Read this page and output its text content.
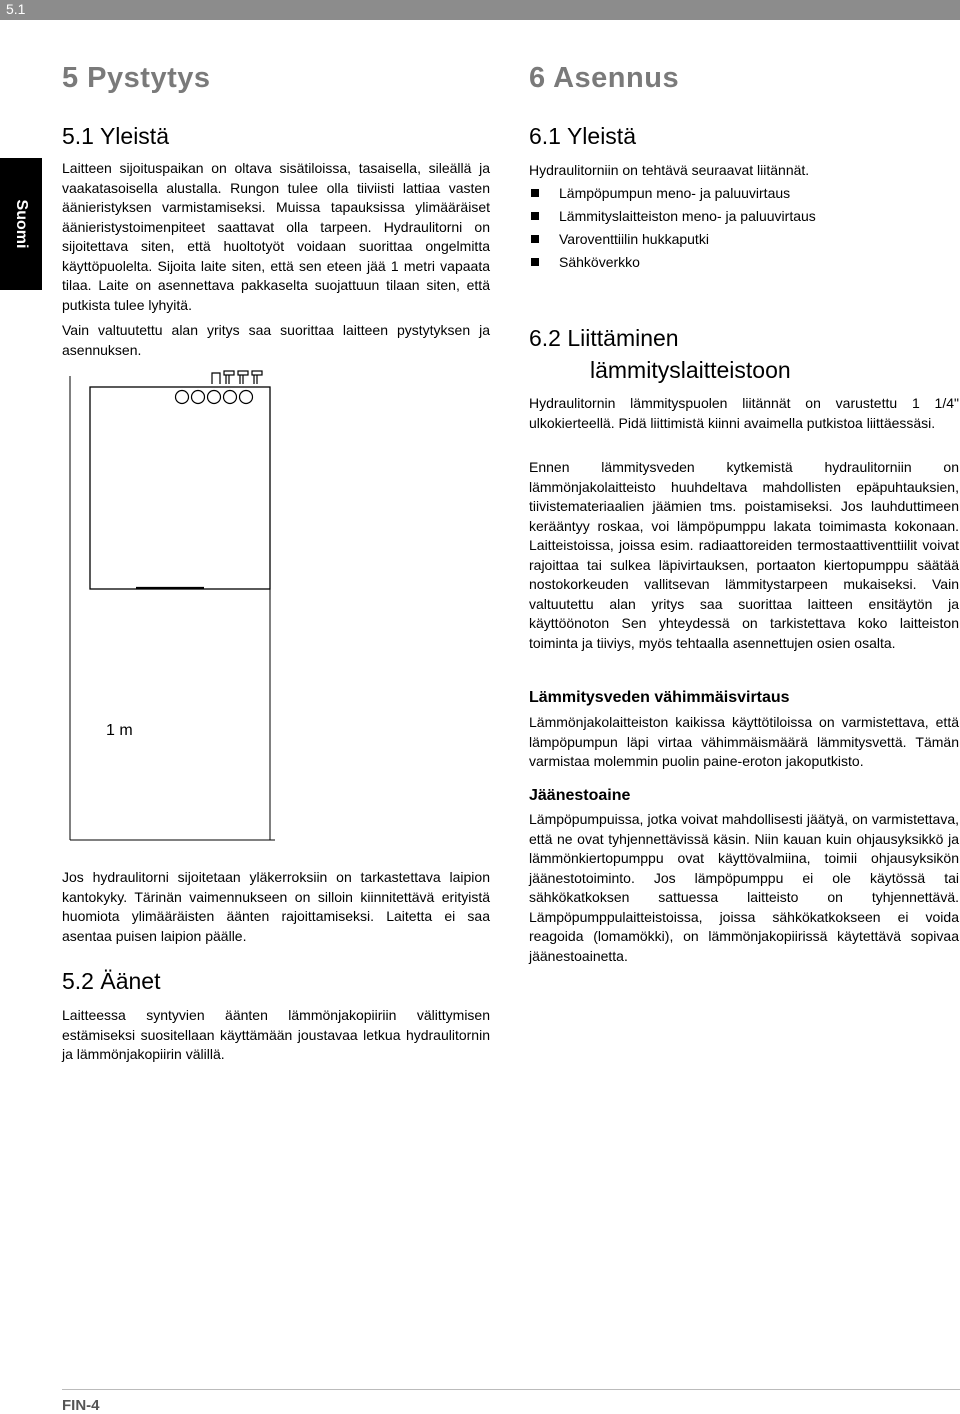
5.1
Suomi
5 Pystytys
5.1 Yleistä

Laitteen sijoituspaikan on oltava sisätiloissa, tasaisella, sileällä ja vaakatasoisella alustalla. Rungon tulee olla tiiviisti lattiaa vasten äänieristyksen varmistamiseksi. Muissa tapauksissa ylimääräiset äänieristystoimenpiteet saattavat olla tarpeen. Hydraulitorni on sijoitettava siten, että huoltotyöt voidaan suorittaa ongelmitta käyttöpuolelta. Sijoita laite siten, että sen eteen jää 1 metri vapaata tilaa. Laite on asennettava pakkaselta suojattuun tilaan siten, että putkista tulee lyhyitä.

Vain valtuutettu alan yritys saa suorittaa laitteen pystytyksen ja asennuksen.

1 m

Jos hydraulitorni sijoitetaan yläkerroksiin on tarkastettava laipion kantokyky. Tärinän vaimennukseen on silloin kiinnitettävä erityistä huomiota ylimääräisten äänten rajoittamiseksi. Laitetta ei saa asentaa puisen laipion päälle.

5.2 Äänet

Laitteessa syntyvien äänten lämmönjakopiiriin välittymisen estämiseksi suositellaan käyttämään joustavaa letkua hydraulitornin ja lämmönjakopiirin välillä.

6 Asennus
6.1 Yleistä

Hydraulitorniin on tehtävä seuraavat liitännät.

Lämpöpumpun meno- ja paluuvirtaus
Lämmityslaitteiston meno- ja paluuvirtaus
Varoventtiilin hukkaputki
Sähköverkko
6.2 Liittäminen
lämmityslaitteistoon

Hydraulitornin lämmityspuolen liitännät on varustettu 1 1/4" ulkokierteellä. Pidä liittimistä kiinni avaimella putkistoa liittäessäsi.

Ennen lämmitysveden kytkemistä hydraulitorniin on lämmönjakolaitteisto huuhdeltava mahdollisten epäpuhtauksien, tiivistemateriaalien jäämien tms. poistamiseksi. Jos lauhduttimeen kerääntyy roskaa, voi lämpöpumppu lakata toimimasta kokonaan. Laitteistoissa, joissa esim. radiaattoreiden termostaattiventtiilit voivat rajoittaa tai sulkea läpivirtauksen, portaaton kiertopumppu säätää nostokorkeuden vallitsevan lämmitystarpeen mukaiseksi. Vain valtuutettu alan yritys saa suorittaa laitteen ensitäytön ja käyttöönoton Sen yhteydessä on tarkistettava koko laitteiston toiminta ja tiiviys, myös tehtaalla asennettujen osien osalta.

Lämmitysveden vähimmäisvirtaus

Lämmönjakolaitteiston kaikissa käyttötiloissa on varmistettava, että lämpöpumpun läpi virtaa vähimmäismäärä lämmitysvettä. Tämän varmistaa molemmin puolin paine-eroton jakoputkisto.

Jäänestoaine

Lämpöpumpuissa, jotka voivat mahdollisesti jäätyä, on varmistettava, että ne ovat tyhjennettävissä käsin. Niin kauan kuin ohjausyksikkö ja lämmönkiertopumppu ovat käyttövalmiina, toimii ohjausyksikön jäänestotoiminto. Jos lämpöpumppu ei ole käytössä tai sähkökatkoksen sattuessa laitteisto on tyhjennettävä. Lämpöpumppulaitteistoissa, joissa sähkökatkokseen ei voida reagoida (lomamökki), on lämmönjakopiirissä käytettävä sopivaa jäänestoainetta.

FIN-4
